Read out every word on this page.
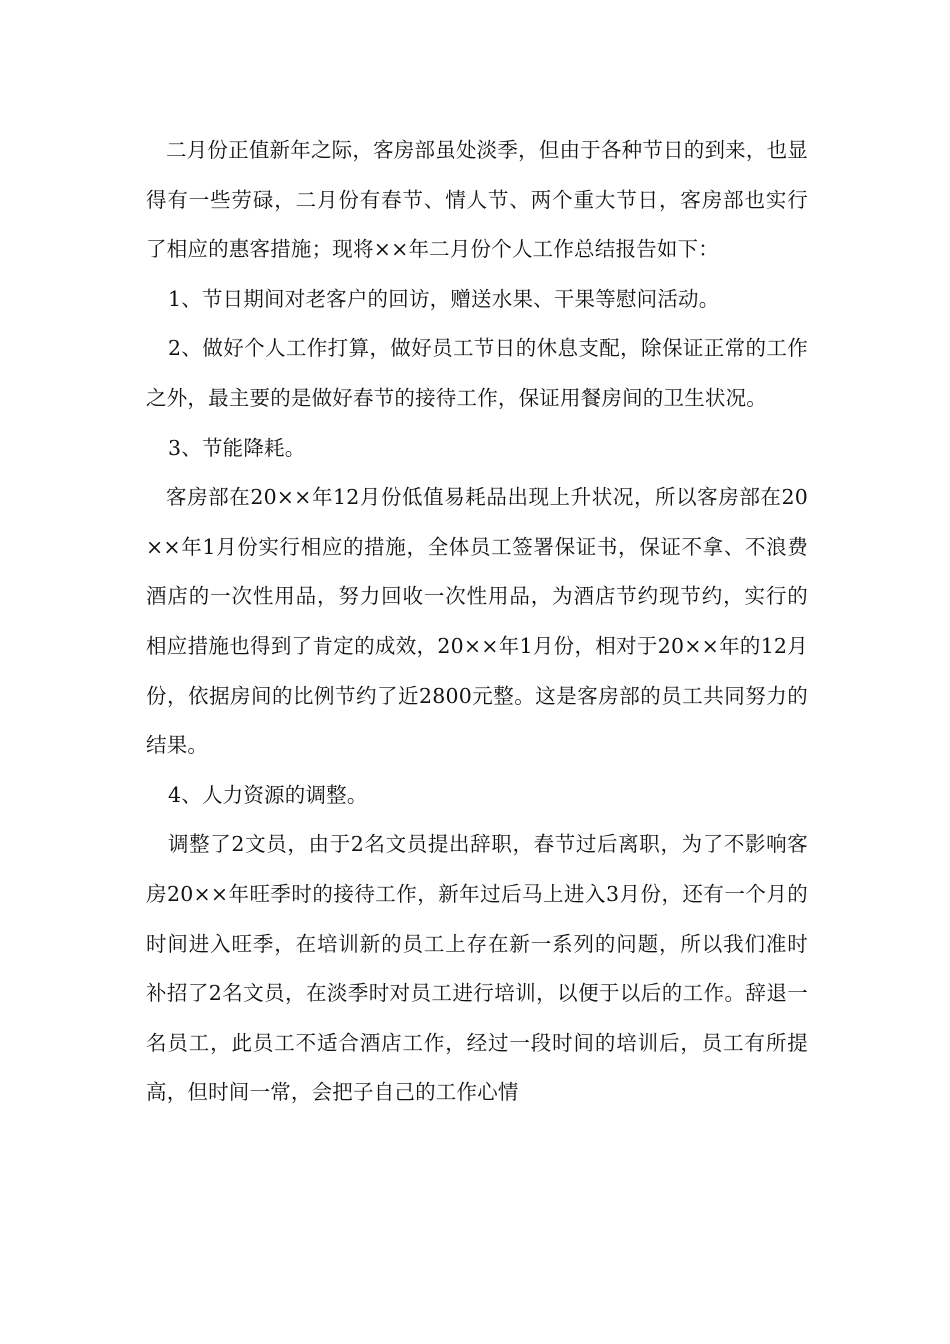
二月份正值新年之际，客房部虽处淡季，但由于各种节日的到来，也显得有一些劳碌，二月份有春节、情人节、两个重大节日，客房部也实行了相应的惠客措施；现将××年二月份个人工作总结报告如下：

1、节日期间对老客户的回访，赠送水果、干果等慰问活动。

2、做好个人工作打算，做好员工节日的休息支配，除保证正常的工作之外，最主要的是做好春节的接待工作，保证用餐房间的卫生状况。

3、节能降耗。

客房部在20××年12月份低值易耗品出现上升状况，所以客房部在20××年1月份实行相应的措施，全体员工签署保证书，保证不拿、不浪费酒店的一次性用品，努力回收一次性用品，为酒店节约现节约，实行的相应措施也得到了肯定的成效，20××年1月份，相对于20××年的12月份，依据房间的比例节约了近2800元整。这是客房部的员工共同努力的结果。

4、人力资源的调整。

调整了2文员，由于2名文员提出辞职，春节过后离职，为了不影响客房20××年旺季时的接待工作，新年过后马上进入3月份，还有一个月的时间进入旺季，在培训新的员工上存在新一系列的问题，所以我们准时补招了2名文员，在淡季时对员工进行培训，以便于以后的工作。辞退一名员工，此员工不适合酒店工作，经过一段时间的培训后，员工有所提高，但时间一常，会把子自己的工作心情
